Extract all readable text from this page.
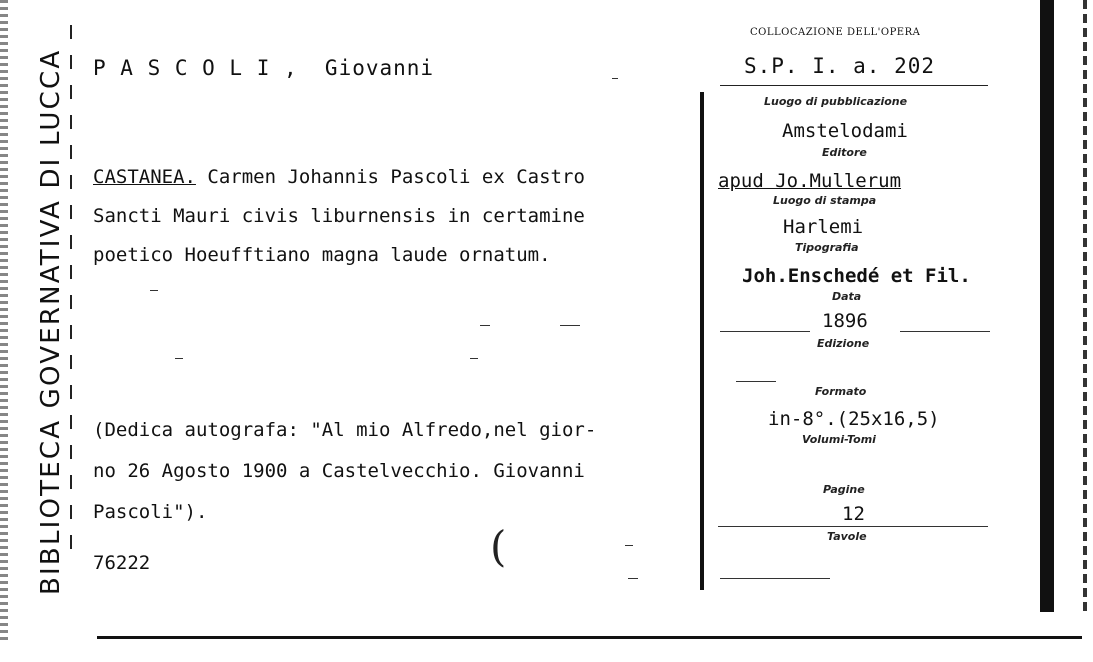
BIBLIOTECA GOVERNATIVA DI LUCCA P A S C O L I ,  Giovanni
CASTANEA. Carmen Johannis Pascoli ex Castro
Sancti Mauri civis liburnensis in certamine
poetico Hoeufftiano magna laude ornatum.
(Dedica autografa: "Al mio Alfredo,nel gior-
no 26 Agosto 1900 a Castelvecchio. Giovanni
Pascoli").
76222	(
COLLOCAZIONE DELL'OPERA
S.P. I. a. 202
Luogo di pubblicazione
Amstelodami
Editore
apud Jo.Mullerum
Luogo di stampa
Harlemi
Tipografia
Joh.Enschedé et Fil.
Data
1896
Edizione
Formato
in-8°.(25x16,5)
Volumi-Tomi
Pagine
12
Tavole
